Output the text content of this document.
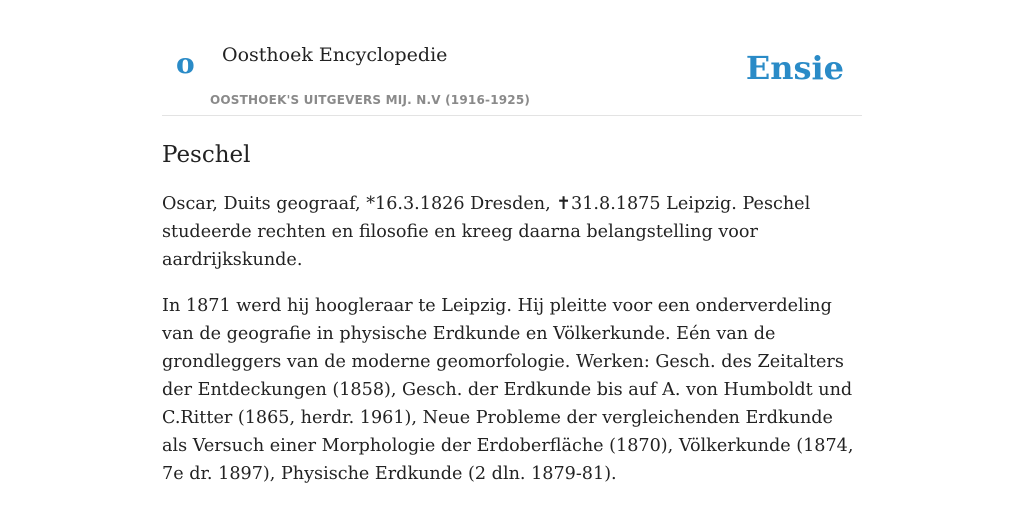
o Oosthoek Encyclopedie
OOSTHOEK'S UITGEVERS MIJ. N.V (1916-1925)
Ensie
Peschel

Oscar, Duits geograaf, *16.3.1826 Dresden, ✝31.8.1875 Leipzig. Peschel studeerde rechten en filosofie en kreeg daarna belangstelling voor aardrijkskunde.

In 1871 werd hij hoogleraar te Leipzig. Hij pleitte voor een onderverdeling van de geografie in physische Erdkunde en Völkerkunde. Eén van de grondleggers van de moderne geomorfologie. Werken: Gesch. des Zeitalters der Entdeckungen (1858), Gesch. der Erdkunde bis auf A. von Humboldt und C.Ritter (1865, herdr. 1961), Neue Probleme der vergleichenden Erdkunde als Versuch einer Morphologie der Erdoberfläche (1870), Völkerkunde (1874, 7e dr. 1897), Physische Erdkunde (2 dln. 1879-81).
